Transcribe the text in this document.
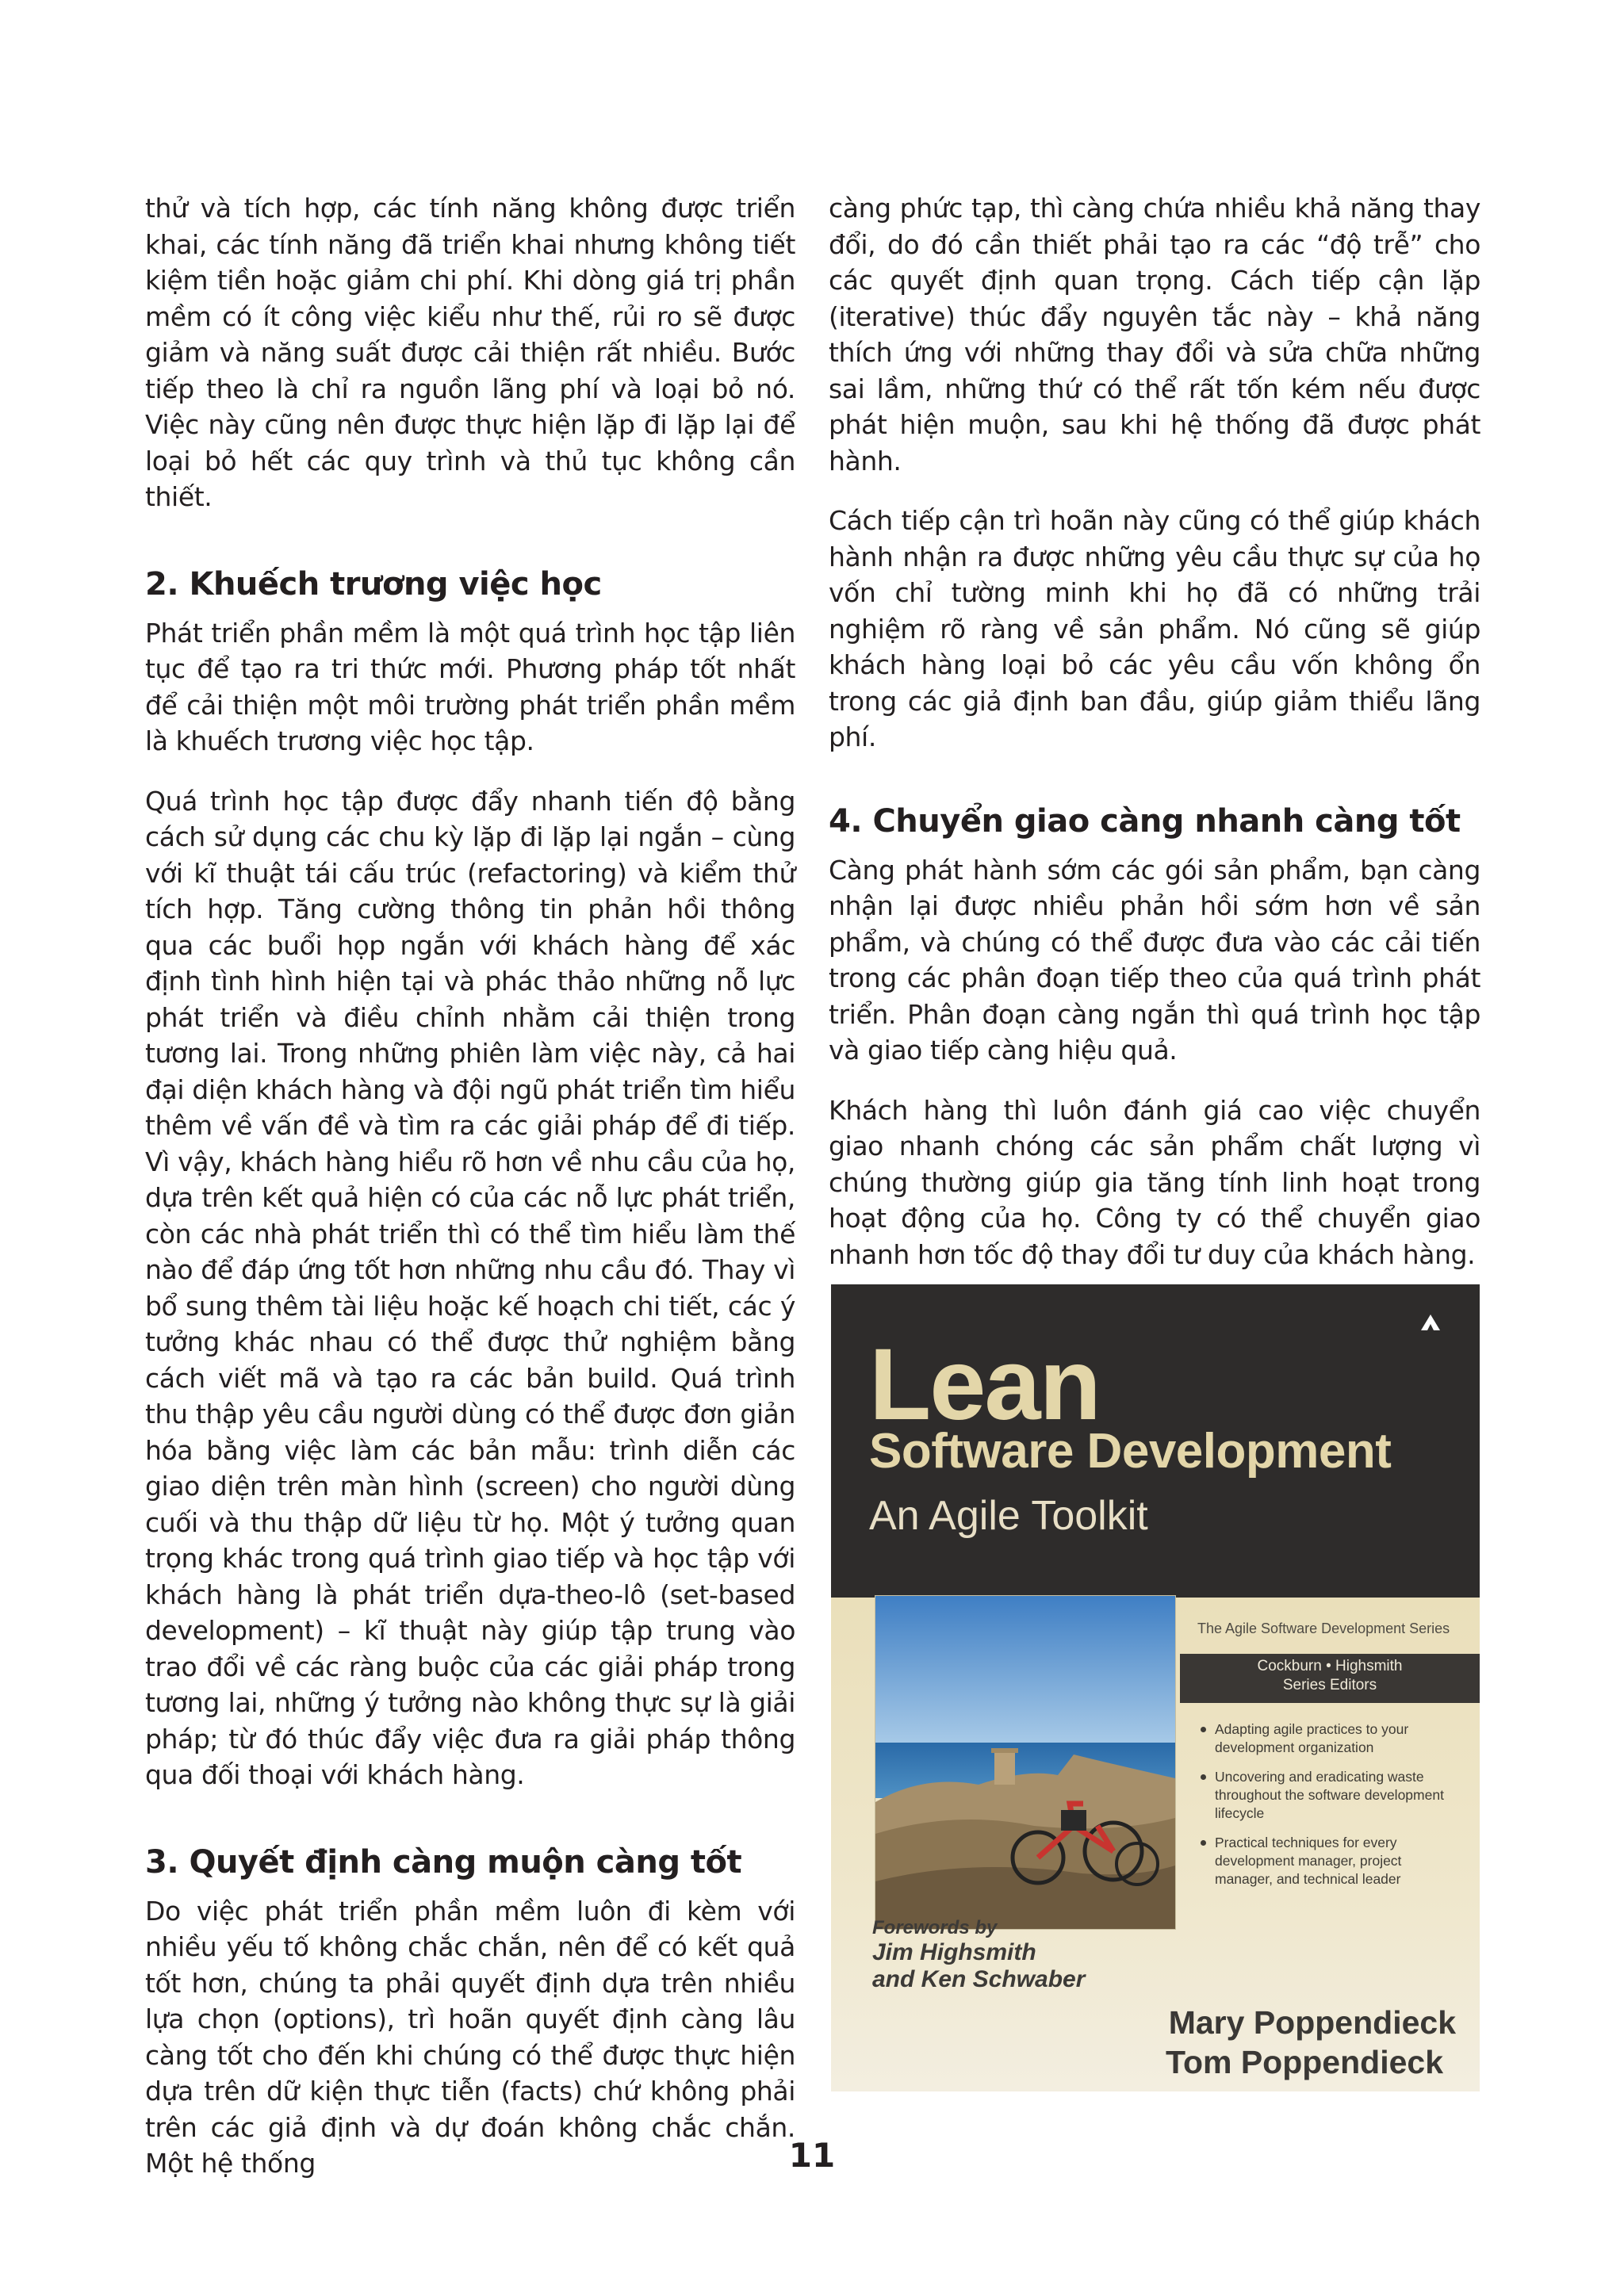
thử và tích hợp, các tính năng không được triển khai, các tính năng đã triển khai nhưng không tiết kiệm tiền hoặc giảm chi phí. Khi dòng giá trị phần mềm có ít công việc kiểu như thế, rủi ro sẽ được giảm và năng suất được cải thiện rất nhiều. Bước tiếp theo là chỉ ra nguồn lãng phí và loại bỏ nó. Việc này cũng nên được thực hiện lặp đi lặp lại để loại bỏ hết các quy trình và thủ tục không cần thiết.

2. Khuếch trương việc học

Phát triển phần mềm là một quá trình học tập liên tục để tạo ra tri thức mới. Phương pháp tốt nhất để cải thiện một môi trường phát triển phần mềm là khuếch trương việc học tập.

Quá trình học tập được đẩy nhanh tiến độ bằng cách sử dụng các chu kỳ lặp đi lặp lại ngắn – cùng với kĩ thuật tái cấu trúc (refactoring) và kiểm thử tích hợp. Tăng cường thông tin phản hồi thông qua các buổi họp ngắn với khách hàng để xác định tình hình hiện tại và phác thảo những nỗ lực phát triển và điều chỉnh nhằm cải thiện trong tương lai. Trong những phiên làm việc này, cả hai đại diện khách hàng và đội ngũ phát triển tìm hiểu thêm về vấn đề và tìm ra các giải pháp để đi tiếp. Vì vậy, khách hàng hiểu rõ hơn về nhu cầu của họ, dựa trên kết quả hiện có của các nỗ lực phát triển, còn các nhà phát triển thì có thể tìm hiểu làm thế nào để đáp ứng tốt hơn những nhu cầu đó. Thay vì bổ sung thêm tài liệu hoặc kế hoạch chi tiết, các ý tưởng khác nhau có thể được thử nghiệm bằng cách viết mã và tạo ra các bản build. Quá trình thu thập yêu cầu người dùng có thể được đơn giản hóa bằng việc làm các bản mẫu: trình diễn các giao diện trên màn hình (screen) cho người dùng cuối và thu thập dữ liệu từ họ. Một ý tưởng quan trọng khác trong quá trình giao tiếp và học tập với khách hàng là phát triển dựa-theo-lô (set-based development) – kĩ thuật này giúp tập trung vào trao đổi về các ràng buộc của các giải pháp trong tương lai, những ý tưởng nào không thực sự là giải pháp; từ đó thúc đẩy việc đưa ra giải pháp thông qua đối thoại với khách hàng.

3. Quyết định càng muộn càng tốt

Do việc phát triển phần mềm luôn đi kèm với nhiều yếu tố không chắc chắn, nên để có kết quả tốt hơn, chúng ta phải quyết định dựa trên nhiều lựa chọn (options), trì hoãn quyết định càng lâu càng tốt cho đến khi chúng có thể được thực hiện dựa trên dữ kiện thực tiễn (facts) chứ không phải trên các giả định và dự đoán không chắc chắn. Một hệ thống

càng phức tạp, thì càng chứa nhiều khả năng thay đổi, do đó cần thiết phải tạo ra các “độ trễ” cho các quyết định quan trọng. Cách tiếp cận lặp (iterative) thúc đẩy nguyên tắc này – khả năng thích ứng với những thay đổi và sửa chữa những sai lầm, những thứ có thể rất tốn kém nếu được phát hiện muộn, sau khi hệ thống đã được phát hành.

Cách tiếp cận trì hoãn này cũng có thể giúp khách hành nhận ra được những yêu cầu thực sự của họ vốn chỉ tường minh khi họ đã có những trải nghiệm rõ ràng về sản phẩm. Nó cũng sẽ giúp khách hàng loại bỏ các yêu cầu vốn không ổn trong các giả định ban đầu, giúp giảm thiểu lãng phí.

4. Chuyển giao càng nhanh càng tốt

Càng phát hành sớm các gói sản phẩm, bạn càng nhận lại được nhiều phản hồi sớm hơn về sản phẩm, và chúng có thể được đưa vào các cải tiến trong các phân đoạn tiếp theo của quá trình phát triển. Phân đoạn càng ngắn thì quá trình học tập và giao tiếp càng hiệu quả.

Khách hàng thì luôn đánh giá cao việc chuyển giao nhanh chóng các sản phẩm chất lượng vì chúng thường giúp gia tăng tính linh hoạt trong hoạt động của họ. Công ty có thể chuyển giao nhanh hơn tốc độ thay đổi tư duy của khách hàng.

Lean
Software Development
An Agile Toolkit
The Agile Software Development Series
Cockburn • Highsmith
Series Editors
Adapting agile practices to your development organization
Uncovering and eradicating waste throughout the software development lifecycle
Practical techniques for every development manager, project manager, and technical leader
Forewords by
Jim Highsmith
and Ken Schwaber
Mary Poppendieck
Tom Poppendieck
11
